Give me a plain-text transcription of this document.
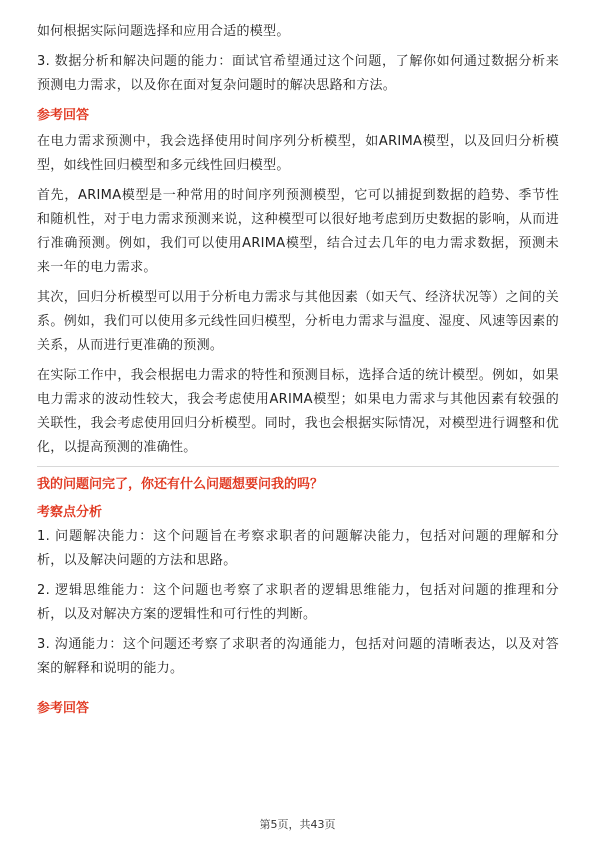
如何根据实际问题选择和应用合适的模型。

3. 数据分析和解决问题的能力：面试官希望通过这个问题，了解你如何通过数据分析来预测电力需求，以及你在面对复杂问题时的解决思路和方法。

参考回答

在电力需求预测中，我会选择使用时间序列分析模型，如ARIMA模型，以及回归分析模型，如线性回归模型和多元线性回归模型。

首先，ARIMA模型是一种常用的时间序列预测模型，它可以捕捉到数据的趋势、季节性和随机性，对于电力需求预测来说，这种模型可以很好地考虑到历史数据的影响，从而进行准确预测。例如，我们可以使用ARIMA模型，结合过去几年的电力需求数据，预测未来一年的电力需求。

其次，回归分析模型可以用于分析电力需求与其他因素（如天气、经济状况等）之间的关系。例如，我们可以使用多元线性回归模型，分析电力需求与温度、湿度、风速等因素的关系，从而进行更准确的预测。

在实际工作中，我会根据电力需求的特性和预测目标，选择合适的统计模型。例如，如果电力需求的波动性较大，我会考虑使用ARIMA模型；如果电力需求与其他因素有较强的关联性，我会考虑使用回归分析模型。同时，我也会根据实际情况，对模型进行调整和优化，以提高预测的准确性。

我的问题问完了，你还有什么问题想要问我的吗？
考察点分析

1. 问题解决能力：这个问题旨在考察求职者的问题解决能力，包括对问题的理解和分析，以及解决问题的方法和思路。

2. 逻辑思维能力：这个问题也考察了求职者的逻辑思维能力，包括对问题的推理和分析，以及对解决方案的逻辑性和可行性的判断。

3. 沟通能力：这个问题还考察了求职者的沟通能力，包括对问题的清晰表达，以及对答案的解释和说明的能力。

参考回答
第5页，共43页
